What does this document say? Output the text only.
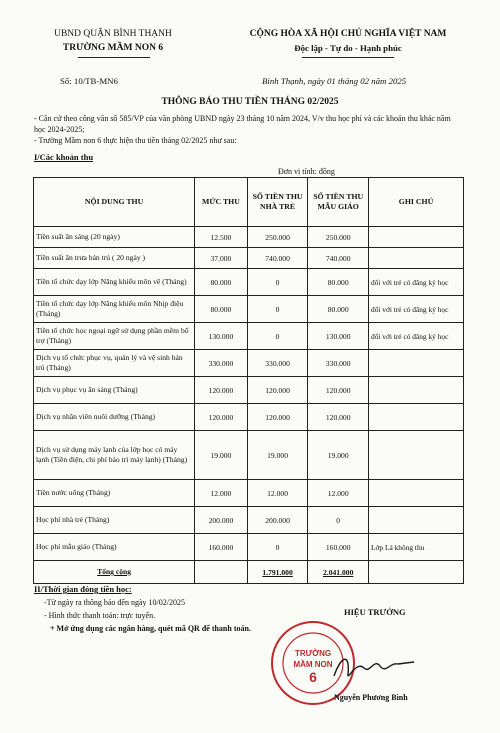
UBND QUẬN BÌNH THẠNH
TRƯỜNG MẦM NON 6
CỘNG HÒA XÃ HỘI CHỦ NGHĨA VIỆT NAM
Độc lập - Tự do - Hạnh phúc
Số: 10/TB-MN6	Bình Thạnh, ngày 01 tháng 02 năm 2025
THÔNG BÁO THU TIỀN THÁNG 02/2025
- Căn cứ theo công văn số 585/VP của văn phòng UBND ngày 23 tháng 10 năm 2024, V/v thu học phí và các khoản thu khác năm học 2024-2025;
- Trường Mầm non 6 thực hiện thu tiền tháng 02/2025 như sau:
I/Các khoản thu
Đơn vị tính: đồng
NỘI DUNG THU	MỨC THU	SỐ TIỀN THU NHÀ TRẺ	SỐ TIỀN THU MẪU GIÁO	GHI CHÚ
Tiền suất ăn sáng (20 ngày)	12.500	250.000	250.000	
Tiền suất ăn trưa bán trú ( 20 ngày )	37.000	740.000	740.000	
Tiền tổ chức dạy lớp Năng khiếu môn vẽ (Tháng)	80.000	0	80.000	đối với trẻ có đăng ký học
Tiền tổ chức dạy lớp Năng khiếu môn Nhịp điệu (Tháng)	80.000	0	80.000	đối với trẻ có đăng ký học
Tiền tổ chức học ngoại ngữ sử dụng phần mềm bổ trợ (Tháng)	130.000	0	130.000	đối với trẻ có đăng ký học
Dịch vụ tổ chức phục vụ, quản lý và vệ sinh bán trú (Tháng)	330.000	330.000	330.000	
Dịch vụ phục vụ ăn sáng (Tháng)	120.000	120.000	120.000	
Dịch vụ nhân viên nuôi dưỡng (Tháng)	120.000	120.000	120.000	
Dịch vụ sử dụng máy lạnh của lớp học có máy lạnh (Tiền điện, chi phí bảo trì máy lạnh) (Tháng)	19.000	19.000	19.000	
Tiền nước uống (Tháng)	12.000	12.000	12.000	
Học phí nhà trẻ (Tháng)	200.000	200.000	0	
Học phí mẫu giáo (Tháng)	160.000	0	160.000	Lớp Lá không thu
Tổng cộng		1.791.000	2.041.000	
II/Thời gian đóng tiền học:
-Từ ngày ra thông báo đến ngày 10/02/2025
- Hình thức thanh toán: trực tuyến.
+ Mở ứng dụng các ngân hàng, quét mã QR để thanh toán.
HIỆU TRƯỞNG
TRƯỜNG
MẦM NON
6
Nguyễn Phương Bình
